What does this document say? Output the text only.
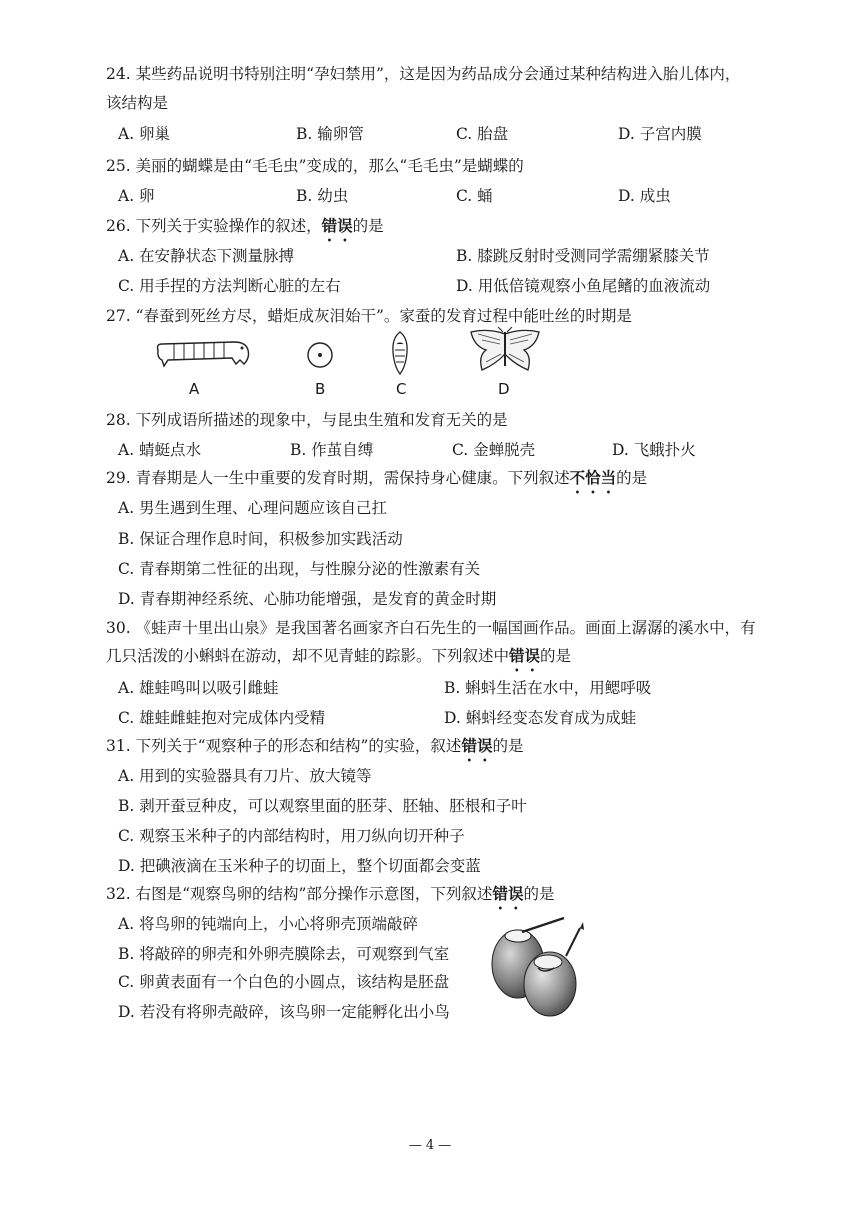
24. 某些药品说明书特别注明“孕妇禁用”，这是因为药品成分会通过某种结构进入胎儿体内，
该结构是
A. 卵巢	B. 输卵管	C. 胎盘	D. 子宫内膜
25. 美丽的蝴蝶是由“毛毛虫”变成的，那么“毛毛虫”是蝴蝶的
A. 卵	B. 幼虫	C. 蛹	D. 成虫
26. 下列关于实验操作的叙述，错误的是
A. 在安静状态下测量脉搏	B. 膝跳反射时受测同学需绷紧膝关节
C. 用手捏的方法判断心脏的左右	D. 用低倍镜观察小鱼尾鳍的血液流动
27. “春蚕到死丝方尽，蜡炬成灰泪始干”。家蚕的发育过程中能吐丝的时期是
A	B	C	D
28. 下列成语所描述的现象中，与昆虫生殖和发育无关的是
A. 蜻蜓点水	B. 作茧自缚	C. 金蝉脱壳	D. 飞蛾扑火
29. 青春期是人一生中重要的发育时期，需保持身心健康。下列叙述不恰当的是
A. 男生遇到生理、心理问题应该自己扛
B. 保证合理作息时间，积极参加实践活动
C. 青春期第二性征的出现，与性腺分泌的性激素有关
D. 青春期神经系统、心肺功能增强，是发育的黄金时期
30. 《蛙声十里出山泉》是我国著名画家齐白石先生的一幅国画作品。画面上潺潺的溪水中，有
几只活泼的小蝌蚪在游动，却不见青蛙的踪影。下列叙述中错误的是
A. 雄蛙鸣叫以吸引雌蛙	B. 蝌蚪生活在水中，用鳃呼吸
C. 雄蛙雌蛙抱对完成体内受精	D. 蝌蚪经变态发育成为成蛙
31. 下列关于“观察种子的形态和结构”的实验，叙述错误的是
A. 用到的实验器具有刀片、放大镜等
B. 剥开蚕豆种皮，可以观察里面的胚芽、胚轴、胚根和子叶
C. 观察玉米种子的内部结构时，用刀纵向切开种子
D. 把碘液滴在玉米种子的切面上，整个切面都会变蓝
32. 右图是“观察鸟卵的结构”部分操作示意图，下列叙述错误的是
A. 将鸟卵的钝端向上，小心将卵壳顶端敲碎
B. 将敲碎的卵壳和外卵壳膜除去，可观察到气室
C. 卵黄表面有一个白色的小圆点，该结构是胚盘
D. 若没有将卵壳敲碎，该鸟卵一定能孵化出小鸟
— 4 —
